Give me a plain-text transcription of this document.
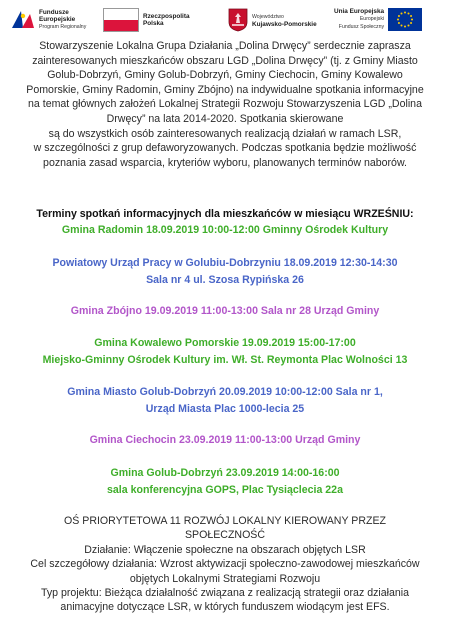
Fundusze
Europejskie
Program Regionalny
Rzeczpospolita
Polska
Województwo
Kujawsko-Pomorskie
Unia Europejska
Europejski
Fundusz Społeczny

Stowarzyszenie Lokalna Grupa Działania „Dolina Drwęcy” serdecznie zaprasza

zainteresowanych mieszkańców obszaru LGD „Dolina Drwęcy” (tj. z Gminy Miasto

Golub-Dobrzyń, Gminy Golub-Dobrzyń, Gminy Ciechocin, Gminy Kowalewo

Pomorskie, Gminy Radomin, Gminy Zbójno) na indywidualne spotkania informacyjne

na temat głównych założeń Lokalnej Strategii Rozwoju Stowarzyszenia LGD „Dolina

Drwęcy” na lata 2014-2020. Spotkania skierowane

są do wszystkich osób zainteresowanych realizacją działań w ramach LSR,

w szczególności z grup defaworyzowanych. Podczas spotkania będzie możliwość

poznania zasad wsparcia, kryteriów wyboru, planowanych terminów naborów.

Terminy spotkań informacyjnych dla mieszkańców w miesiącu WRZEŚNIU:
Gmina Radomin 18.09.2019 10:00-12:00 Gminny Ośrodek Kultury
Powiatowy Urząd Pracy w Golubiu-Dobrzyniu 18.09.2019 12:30-14:30
Sala nr 4 ul. Szosa Rypińska 26
Gmina Zbójno 19.09.2019 11:00-13:00 Sala nr 28 Urząd Gminy
Gmina Kowalewo Pomorskie 19.09.2019 15:00-17:00
Miejsko-Gminny Ośrodek Kultury im. Wł. St. Reymonta Plac Wolności 13
Gmina Miasto Golub-Dobrzyń 20.09.2019 10:00-12:00 Sala nr 1,
Urząd Miasta Plac 1000-lecia 25
Gmina Ciechocin 23.09.2019 11:00-13:00 Urząd Gminy
Gmina Golub-Dobrzyń 23.09.2019 14:00-16:00
sala konferencyjna GOPS, Plac Tysiąclecia 22a

OŚ PRIORYTETOWA 11 ROZWÓJ LOKALNY KIEROWANY PRZEZ

SPOŁECZNOŚĆ

Działanie: Włączenie społeczne na obszarach objętych LSR

Cel szczegółowy działania: Wzrost aktywizacji społeczno-zawodowej mieszkańców

objętych Lokalnymi Strategiami Rozwoju

Typ projektu: Bieżąca działalność związana z realizacją strategii oraz działania

animacyjne dotyczące LSR, w których funduszem wiodącym jest EFS.
